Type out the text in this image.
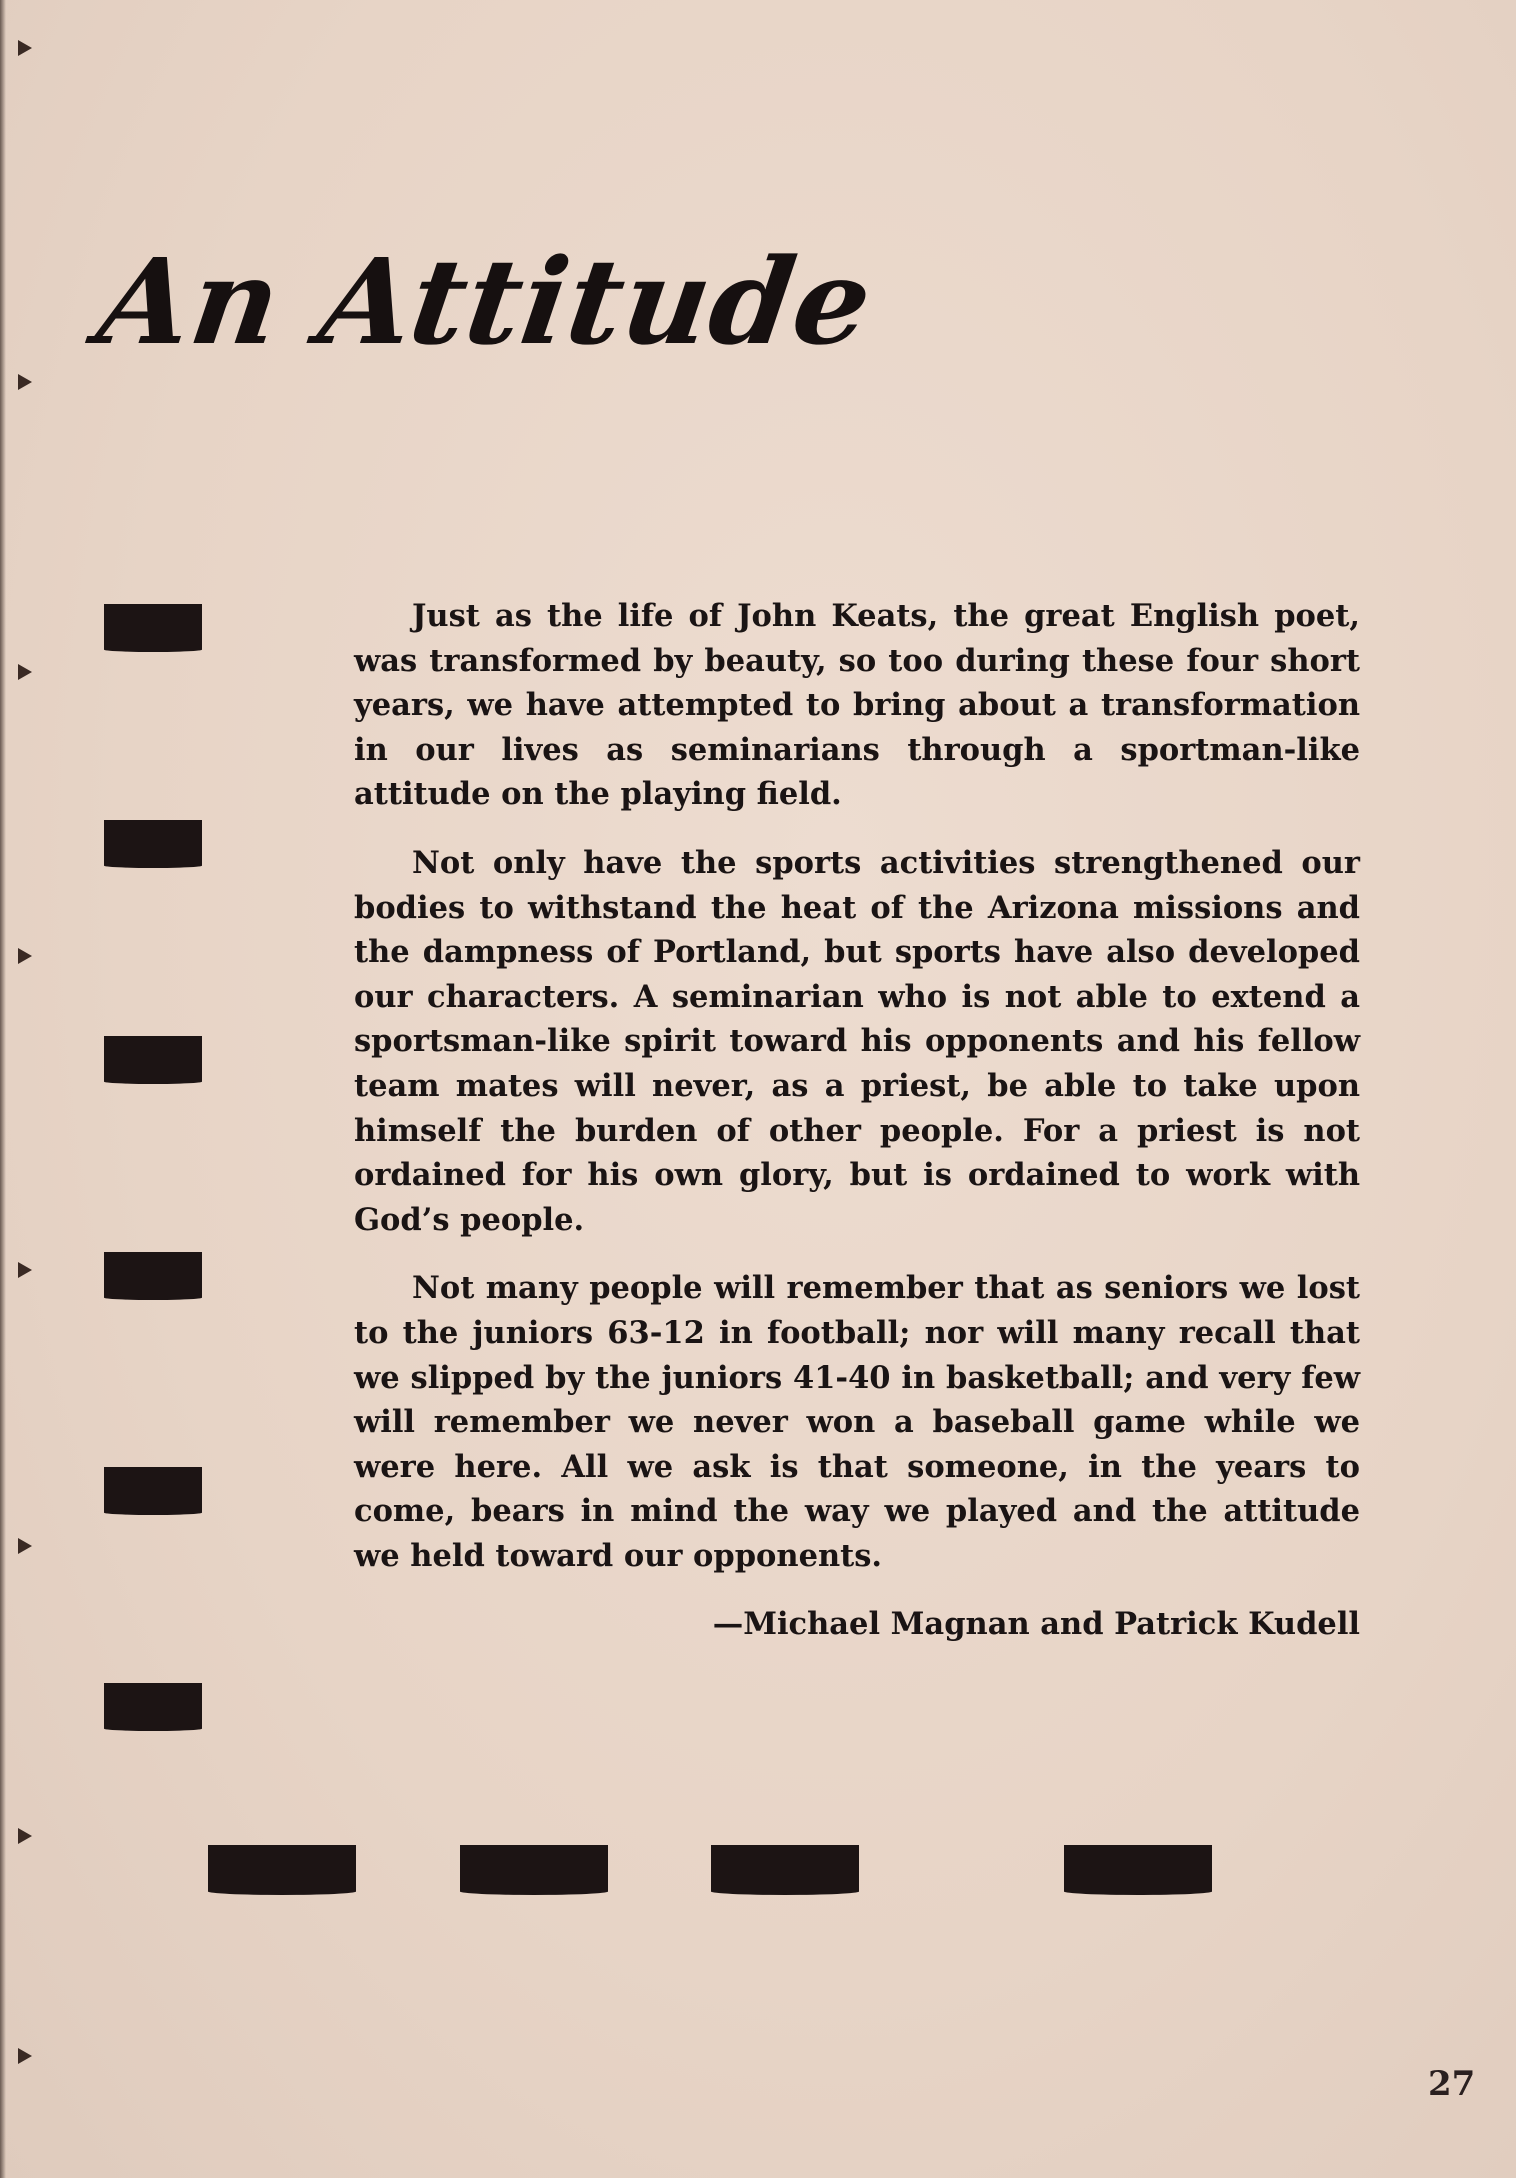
An Attitude

Just as the life of John Keats, the great English poet, was transformed by beauty, so too during these four short years, we have attempted to bring about a transformation in our lives as seminarians through a sportman-like attitude on the playing field.

Not only have the sports activities strengthened our bodies to withstand the heat of the Arizona missions and the dampness of Portland, but sports have also developed our characters. A seminarian who is not able to extend a sportsman-like spirit toward his opponents and his fellow team mates will never, as a priest, be able to take upon himself the burden of other people. For a priest is not ordained for his own glory, but is ordained to work with God’s people.

Not many people will remember that as seniors we lost to the juniors 63-12 in football; nor will many recall that we slipped by the juniors 41-40 in basketball; and very few will remember we never won a baseball game while we were here. All we ask is that someone, in the years to come, bears in mind the way we played and the attitude we held toward our opponents.

—Michael Magnan and Patrick Kudell

27
